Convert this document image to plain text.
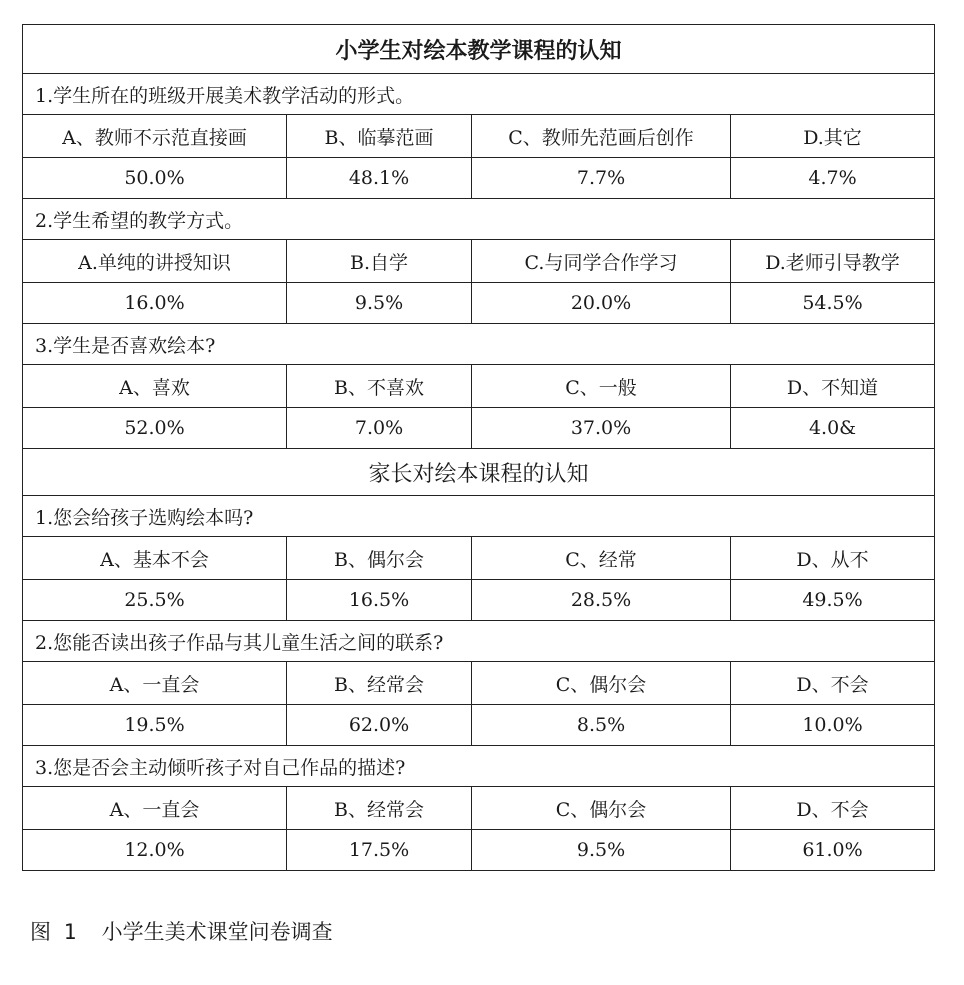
小学生对绘本教学课程的认知			
1.学生所在的班级开展美术教学活动的形式。			
A、教师不示范直接画	B、临摹范画	C、教师先范画后创作	D.其它
50.0%	48.1%	7.7%	4.7%
2.学生希望的教学方式。			
A.单纯的讲授知识	B.自学	C.与同学合作学习	D.老师引导教学
16.0%	9.5%	20.0%	54.5%
3.学生是否喜欢绘本?			
A、喜欢	B、不喜欢	C、一般	D、不知道
52.0%	7.0%	37.0%	4.0&
家长对绘本课程的认知			
1.您会给孩子选购绘本吗?			
A、基本不会	B、偶尔会	C、经常	D、从不
25.5%	16.5%	28.5%	49.5%
2.您能否读出孩子作品与其儿童生活之间的联系?			
A、一直会	B、经常会	C、偶尔会	D、不会
19.5%	62.0%	8.5%	10.0%
3.您是否会主动倾听孩子对自己作品的描述?			
A、一直会	B、经常会	C、偶尔会	D、不会
12.0%	17.5%	9.5%	61.0%
图 1  小学生美术课堂问卷调查
